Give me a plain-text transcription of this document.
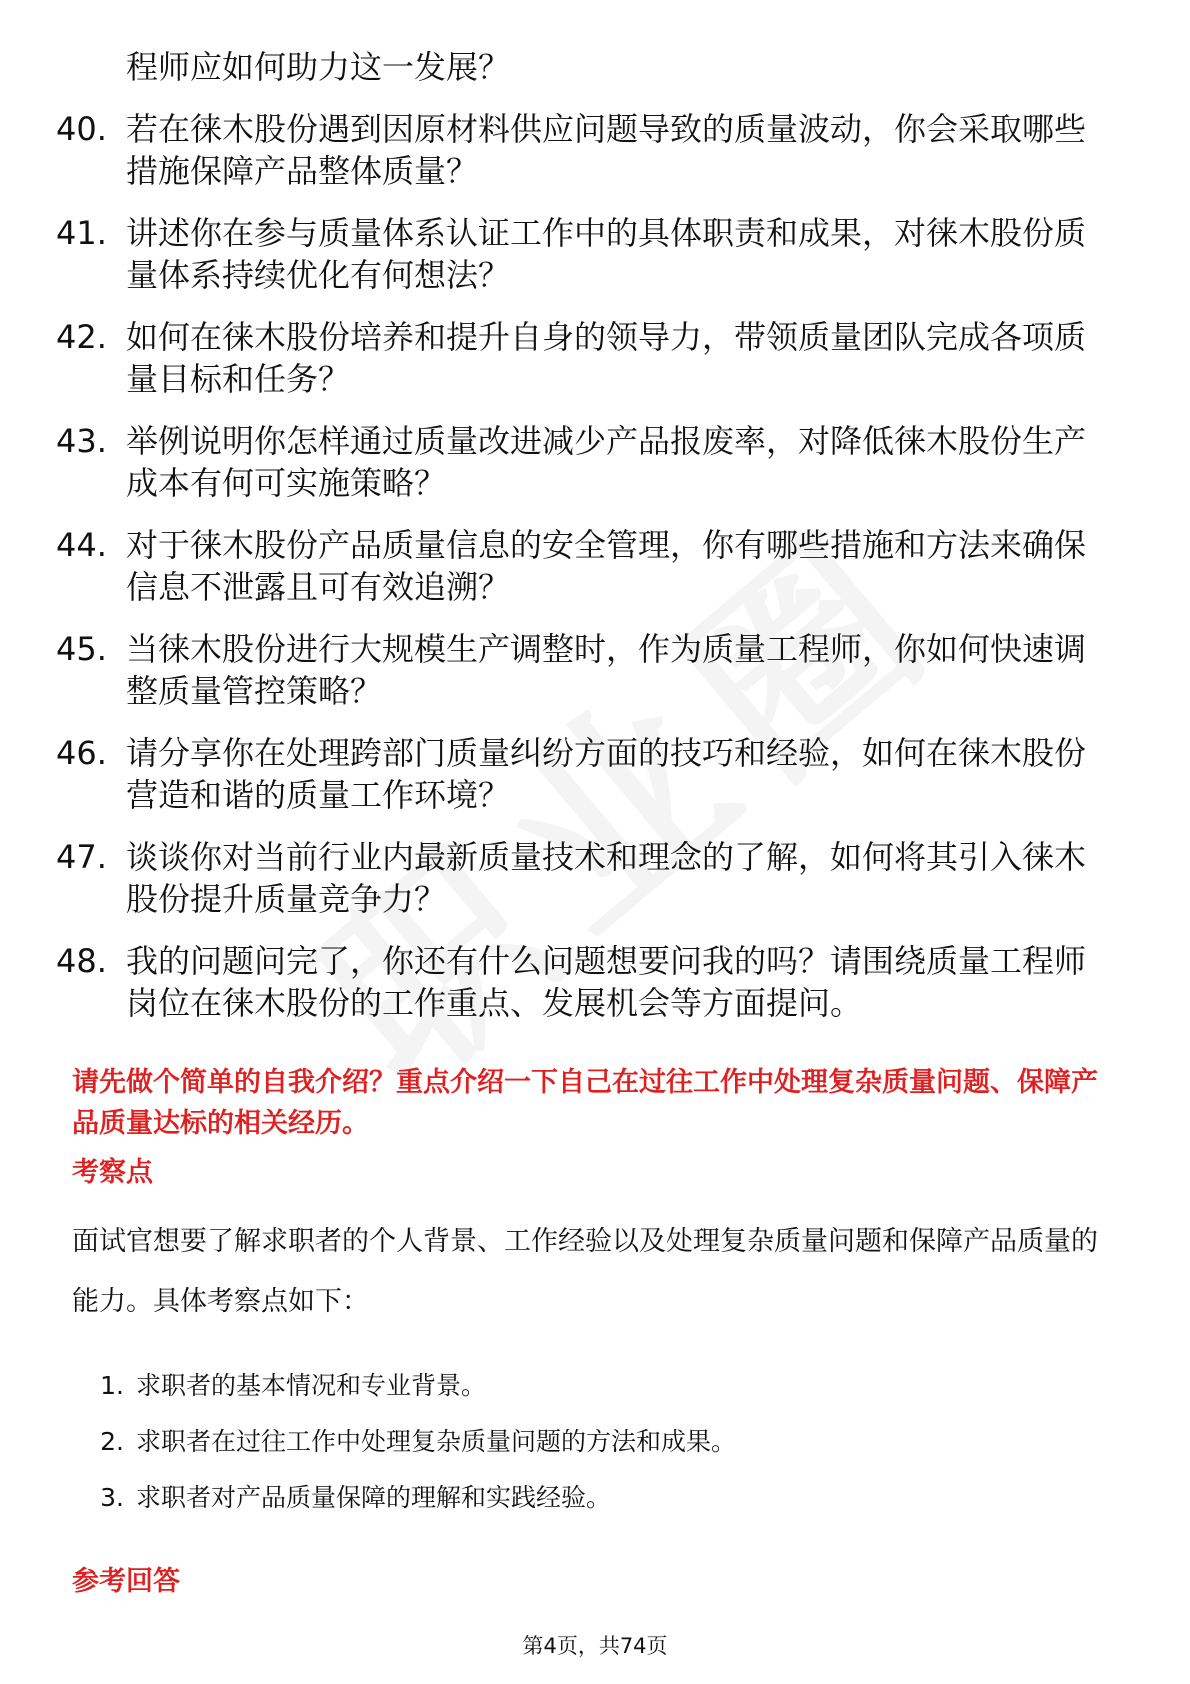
程师应如何助力这一发展？
40. 若在徕木股份遇到因原材料供应问题导致的质量波动，你会采取哪些措施保障产品整体质量？
41. 讲述你在参与质量体系认证工作中的具体职责和成果，对徕木股份质量体系持续优化有何想法？
42. 如何在徕木股份培养和提升自身的领导力，带领质量团队完成各项质量目标和任务？
43. 举例说明你怎样通过质量改进减少产品报废率，对降低徕木股份生产成本有何可实施策略？
44. 对于徕木股份产品质量信息的安全管理，你有哪些措施和方法来确保信息不泄露且可有效追溯？
45. 当徕木股份进行大规模生产调整时，作为质量工程师，你如何快速调整质量管控策略？
46. 请分享你在处理跨部门质量纠纷方面的技巧和经验，如何在徕木股份营造和谐的质量工作环境？
47. 谈谈你对当前行业内最新质量技术和理念的了解，如何将其引入徕木股份提升质量竞争力？
48. 我的问题问完了，你还有什么问题想要问我的吗？请围绕质量工程师岗位在徕木股份的工作重点、发展机会等方面提问。
请先做个简单的自我介绍？重点介绍一下自己在过往工作中处理复杂质量问题、保障产品质量达标的相关经历。
考察点
面试官想要了解求职者的个人背景、工作经验以及处理复杂质量问题和保障产品质量的能力。具体考察点如下：
1. 求职者的基本情况和专业背景。
2. 求职者在过往工作中处理复杂质量问题的方法和成果。
3. 求职者对产品质量保障的理解和实践经验。
参考回答
第4页，共74页
